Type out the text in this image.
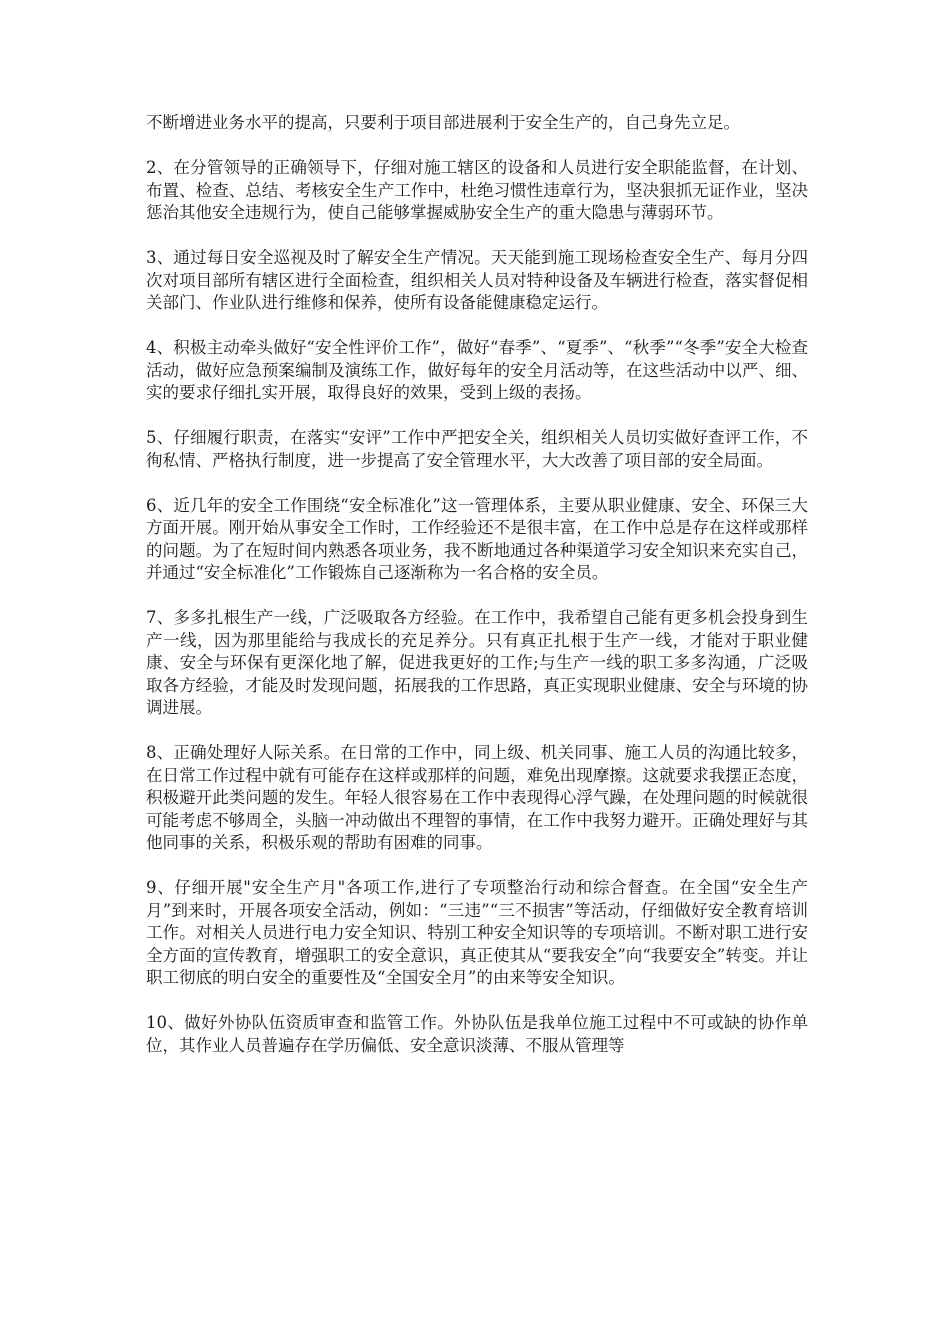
不断增进业务水平的提高，只要利于项目部进展利于安全生产的，自己身先立足。

2、在分管领导的正确领导下，仔细对施工辖区的设备和人员进行安全职能监督，在计划、布置、检查、总结、考核安全生产工作中，杜绝习惯性违章行为，坚决狠抓无证作业，坚决惩治其他安全违规行为，使自己能够掌握威胁安全生产的重大隐患与薄弱环节。

3、通过每日安全巡视及时了解安全生产情况。天天能到施工现场检查安全生产、每月分四次对项目部所有辖区进行全面检查，组织相关人员对特种设备及车辆进行检查，落实督促相关部门、作业队进行维修和保养，使所有设备能健康稳定运行。

4、积极主动牵头做好“安全性评价工作”，做好“春季”、“夏季”、“秋季”“冬季”安全大检查活动，做好应急预案编制及演练工作，做好每年的安全月活动等，在这些活动中以严、细、实的要求仔细扎实开展，取得良好的效果，受到上级的表扬。

5、仔细履行职责，在落实“安评”工作中严把安全关，组织相关人员切实做好查评工作，不徇私情、严格执行制度，进一步提高了安全管理水平，大大改善了项目部的安全局面。

6、近几年的安全工作围绕“安全标准化”这一管理体系，主要从职业健康、安全、环保三大方面开展。刚开始从事安全工作时，工作经验还不是很丰富，在工作中总是存在这样或那样的问题。为了在短时间内熟悉各项业务，我不断地通过各种渠道学习安全知识来充实自己，并通过“安全标准化”工作锻炼自己逐渐称为一名合格的安全员。

7、多多扎根生产一线，广泛吸取各方经验。在工作中，我希望自己能有更多机会投身到生产一线，因为那里能给与我成长的充足养分。只有真正扎根于生产一线，才能对于职业健康、安全与环保有更深化地了解，促进我更好的工作;与生产一线的职工多多沟通，广泛吸取各方经验，才能及时发现问题，拓展我的工作思路，真正实现职业健康、安全与环境的协调进展。

8、正确处理好人际关系。在日常的工作中，同上级、机关同事、施工人员的沟通比较多，在日常工作过程中就有可能存在这样或那样的问题，难免出现摩擦。这就要求我摆正态度，积极避开此类问题的发生。年轻人很容易在工作中表现得心浮气躁，在处理问题的时候就很可能考虑不够周全，头脑一冲动做出不理智的事情，在工作中我努力避开。正确处理好与其他同事的关系，积极乐观的帮助有困难的同事。

9、仔细开展"安全生产月"各项工作,进行了专项整治行动和综合督查。在全国“安全生产月”到来时，开展各项安全活动，例如：“三违”“三不损害”等活动，仔细做好安全教育培训工作。对相关人员进行电力安全知识、特别工种安全知识等的专项培训。不断对职工进行安全方面的宣传教育，增强职工的安全意识，真正使其从“要我安全”向“我要安全”转变。并让职工彻底的明白安全的重要性及“全国安全月”的由来等安全知识。

10、做好外协队伍资质审查和监管工作。外协队伍是我单位施工过程中不可或缺的协作单位，其作业人员普遍存在学历偏低、安全意识淡薄、不服从管理等
